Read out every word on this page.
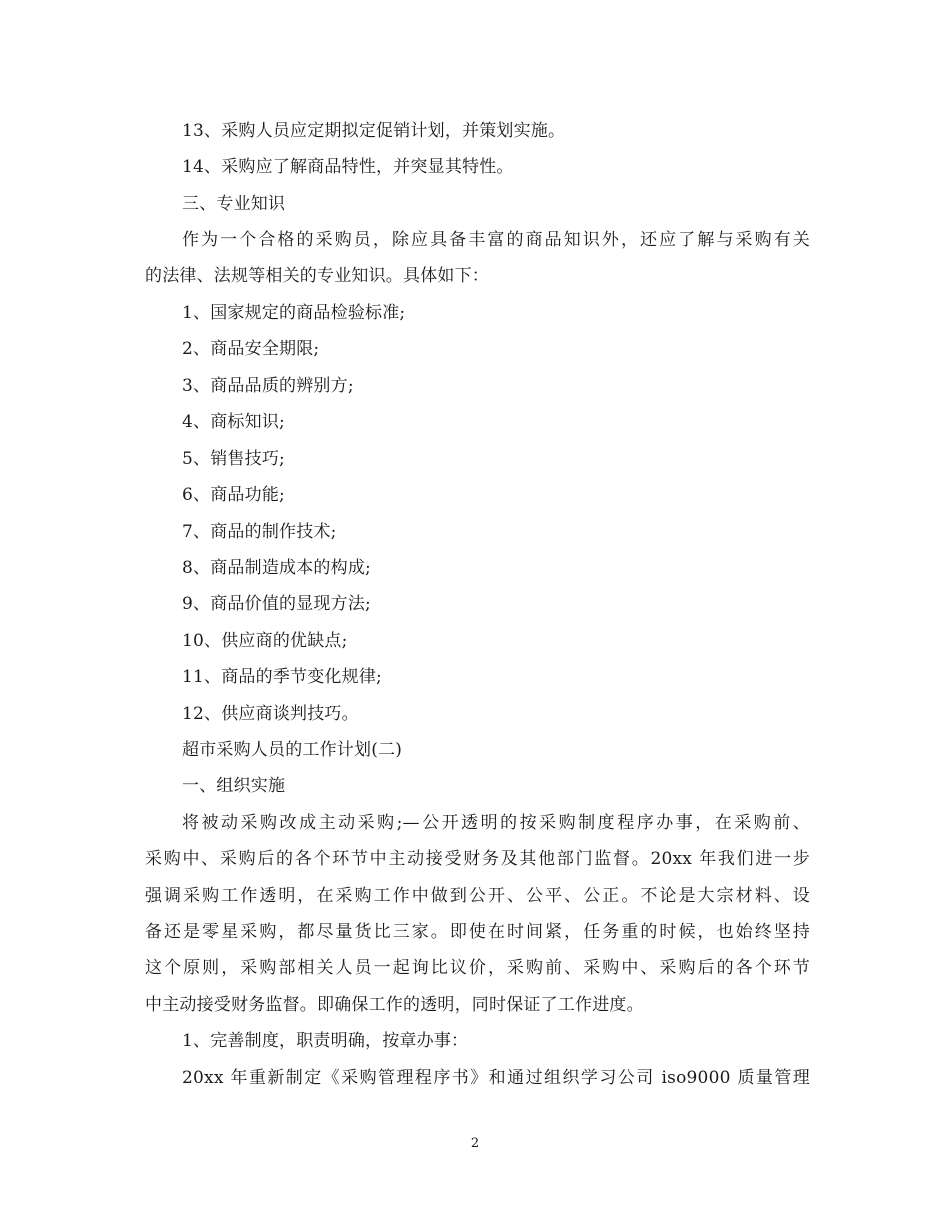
13、采购人员应定期拟定促销计划，并策划实施。
14、采购应了解商品特性，并突显其特性。
三、专业知识
作为一个合格的采购员，除应具备丰富的商品知识外，还应了解与采购有关
的法律、法规等相关的专业知识。具体如下：
1、国家规定的商品检验标准;
2、商品安全期限;
3、商品品质的辨别方;
4、商标知识;
5、销售技巧;
6、商品功能;
7、商品的制作技术;
8、商品制造成本的构成;
9、商品价值的显现方法;
10、供应商的优缺点;
11、商品的季节变化规律;
12、供应商谈判技巧。
超市采购人员的工作计划(二)
一、组织实施
将被动采购改成主动采购;—公开透明的按采购制度程序办事，在采购前、
采购中、采购后的各个环节中主动接受财务及其他部门监督。20xx 年我们进一步
强调采购工作透明，在采购工作中做到公开、公平、公正。不论是大宗材料、设
备还是零星采购，都尽量货比三家。即使在时间紧，任务重的时候，也始终坚持
这个原则，采购部相关人员一起询比议价，采购前、采购中、采购后的各个环节
中主动接受财务监督。即确保工作的透明，同时保证了工作进度。
1、完善制度，职责明确，按章办事：
20xx 年重新制定《采购管理程序书》和通过组织学习公司 iso9000 质量管理
2
